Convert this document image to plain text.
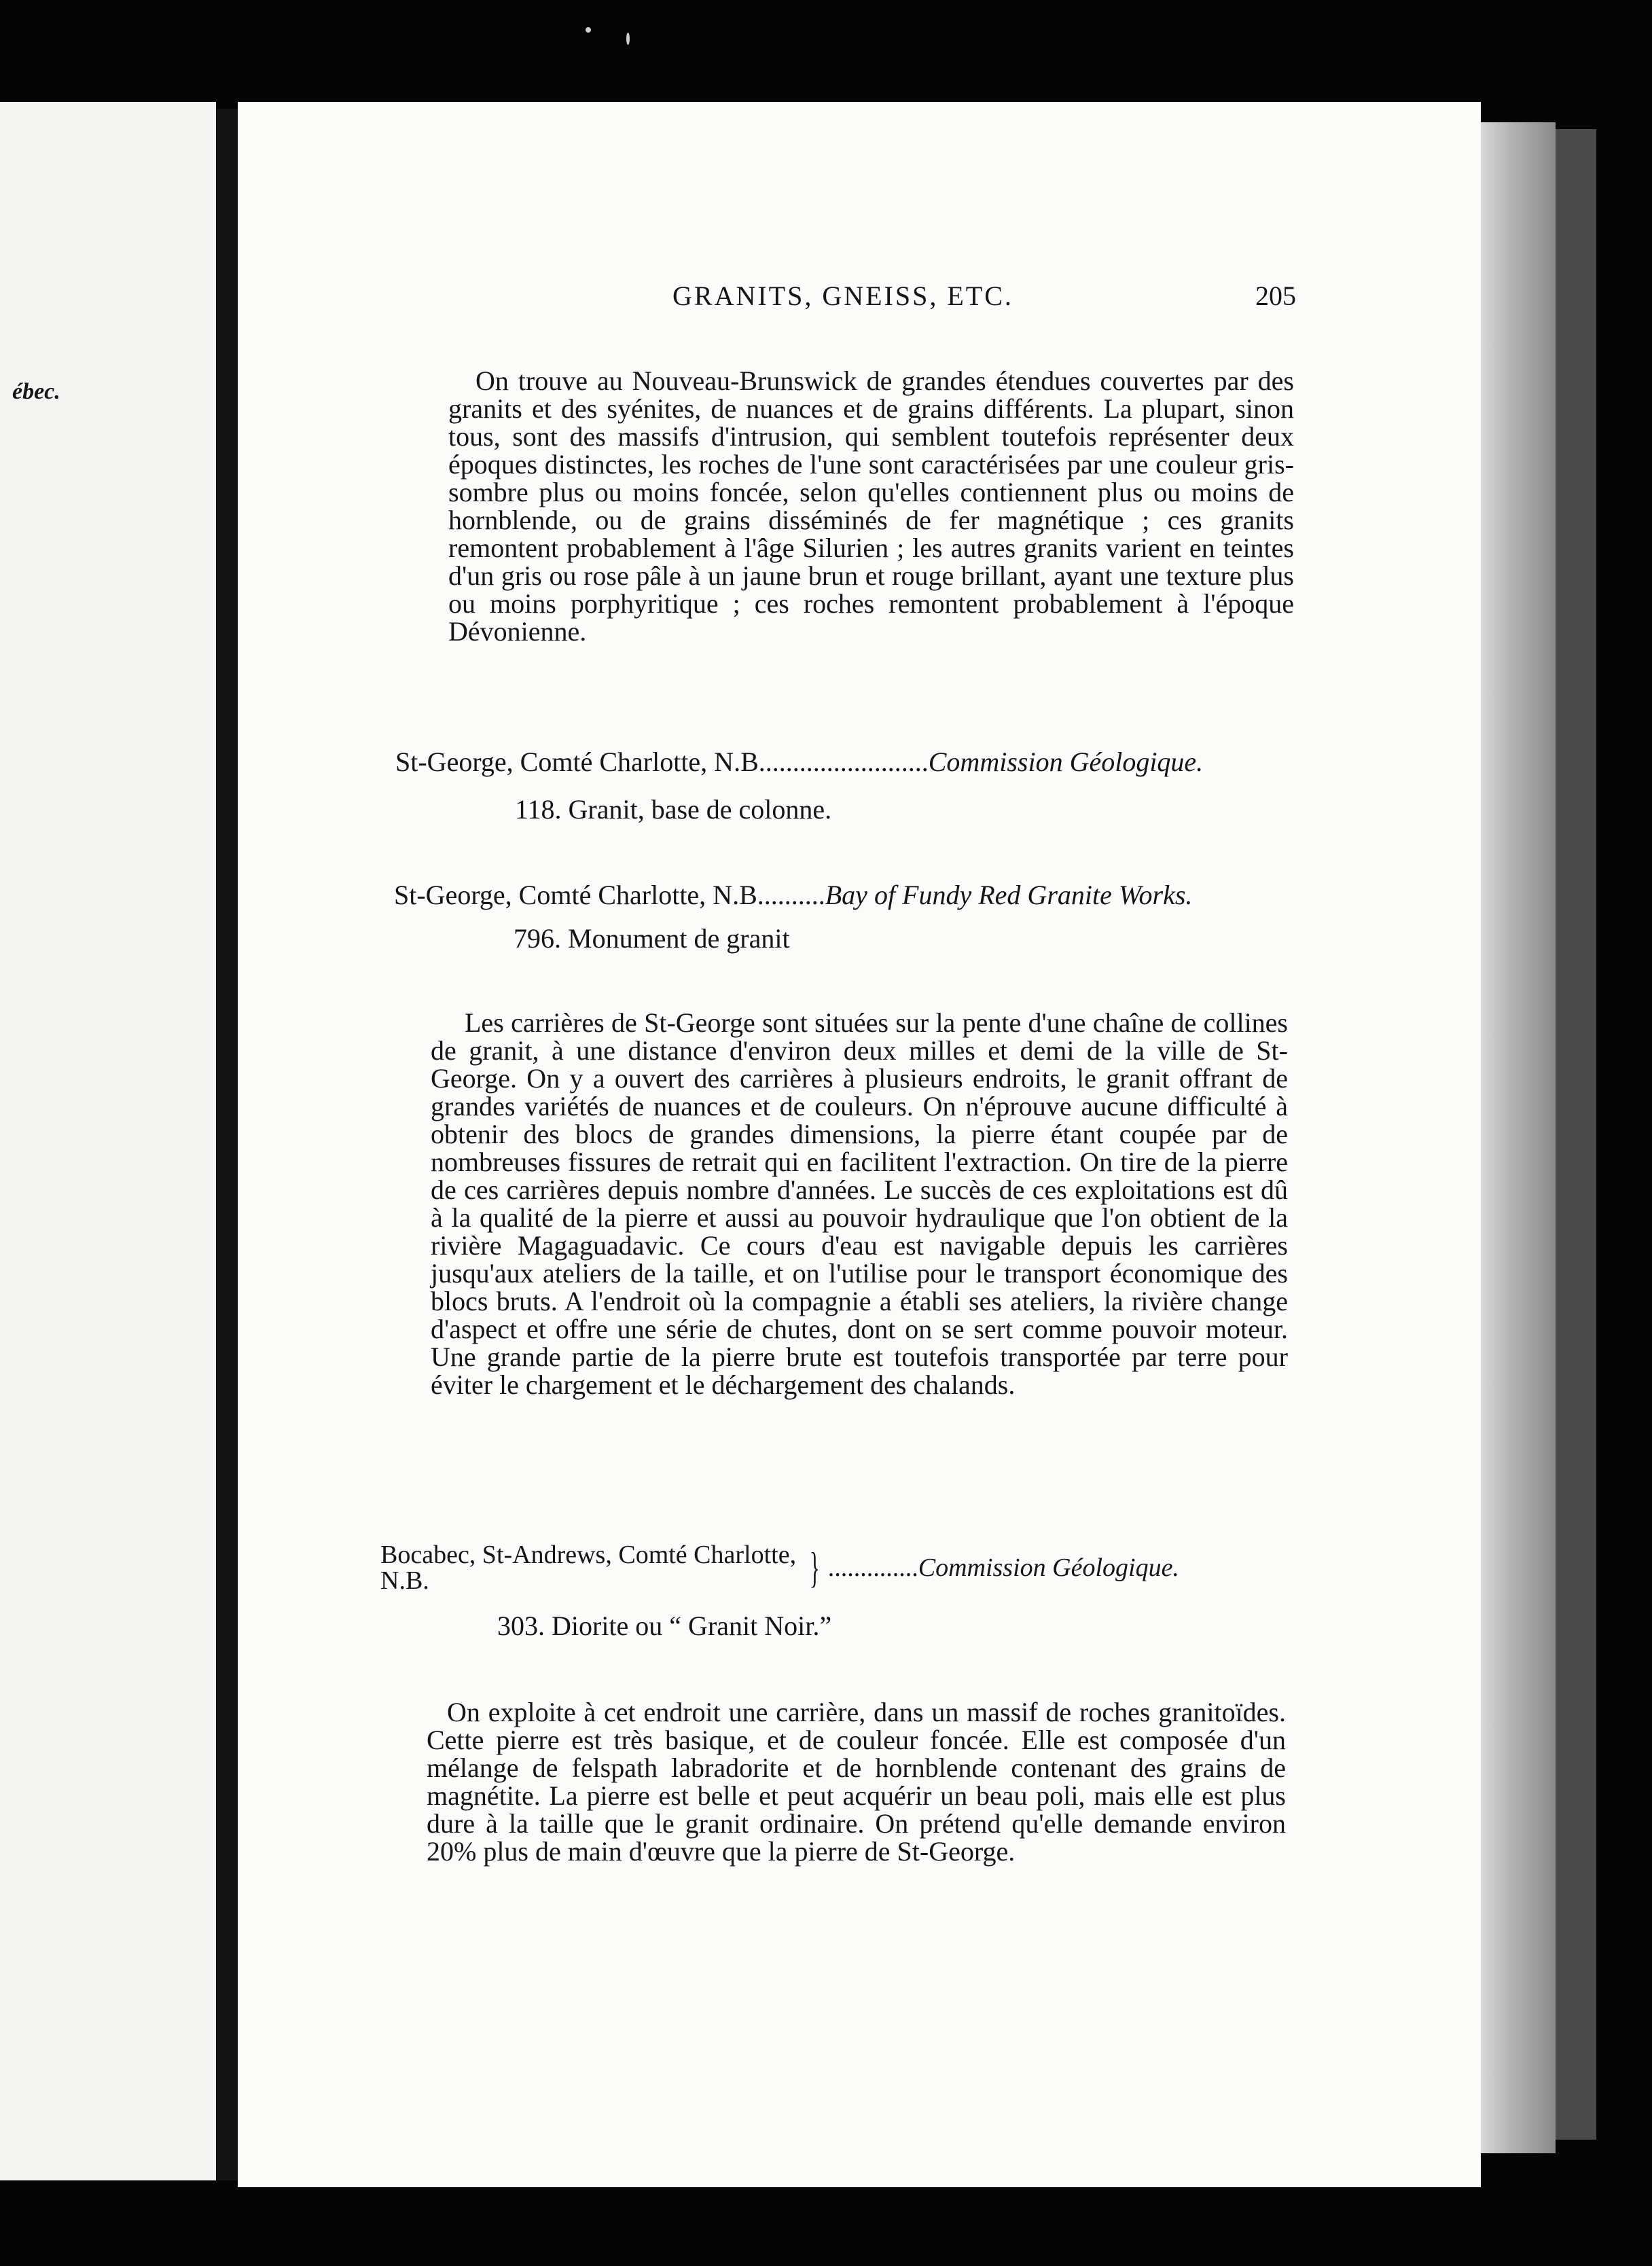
ébec.
GRANITS, GNEISS, ETC.	205
On trouve au Nouveau-Brunswick de grandes étendues couvertes par des granits et des syénites, de nuances et de grains différents. La plupart, sinon tous, sont des massifs d'intrusion, qui semblent toutefois représenter deux époques distinctes, les roches de l'une sont caractérisées par une couleur gris-sombre plus ou moins foncée, selon qu'elles contiennent plus ou moins de hornblende, ou de grains disséminés de fer magnétique ; ces granits remontent probablement à l'âge Silurien ; les autres granits varient en teintes d'un gris ou rose pâle à un jaune brun et rouge brillant, ayant une texture plus ou moins porphyritique ; ces roches remontent probablement à l'époque Dévonienne.
St-George, Comté Charlotte, N.B.........................Commission Géologique.
118. Granit, base de colonne.
St-George, Comté Charlotte, N.B..........Bay of Fundy Red Granite Works.
796. Monument de granit
Les carrières de St-George sont situées sur la pente d'une chaîne de collines de granit, à une distance d'environ deux milles et demi de la ville de St-George. On y a ouvert des carrières à plusieurs endroits, le granit offrant de grandes variétés de nuances et de couleurs. On n'éprouve aucune difficulté à obtenir des blocs de grandes dimensions, la pierre étant coupée par de nombreuses fissures de retrait qui en facilitent l'extraction. On tire de la pierre de ces carrières depuis nombre d'années. Le succès de ces exploitations est dû à la qualité de la pierre et aussi au pouvoir hydraulique que l'on obtient de la rivière Magaguadavic. Ce cours d'eau est navigable depuis les carrières jusqu'aux ateliers de la taille, et on l'utilise pour le transport économique des blocs bruts. A l'endroit où la compagnie a établi ses ateliers, la rivière change d'aspect et offre une série de chutes, dont on se sert comme pouvoir moteur. Une grande partie de la pierre brute est toutefois transportée par terre pour éviter le chargement et le déchargement des chalands.
Bocabec, St-Andrews, Comté Charlotte, N.B.	} ..............Commission Géologique.
303. Diorite ou “ Granit Noir.”
On exploite à cet endroit une carrière, dans un massif de roches granitoïdes. Cette pierre est très basique, et de couleur foncée. Elle est composée d'un mélange de felspath labradorite et de hornblende contenant des grains de magnétite. La pierre est belle et peut acquérir un beau poli, mais elle est plus dure à la taille que le granit ordinaire. On prétend qu'elle demande environ 20% plus de main d'œuvre que la pierre de St-George.
